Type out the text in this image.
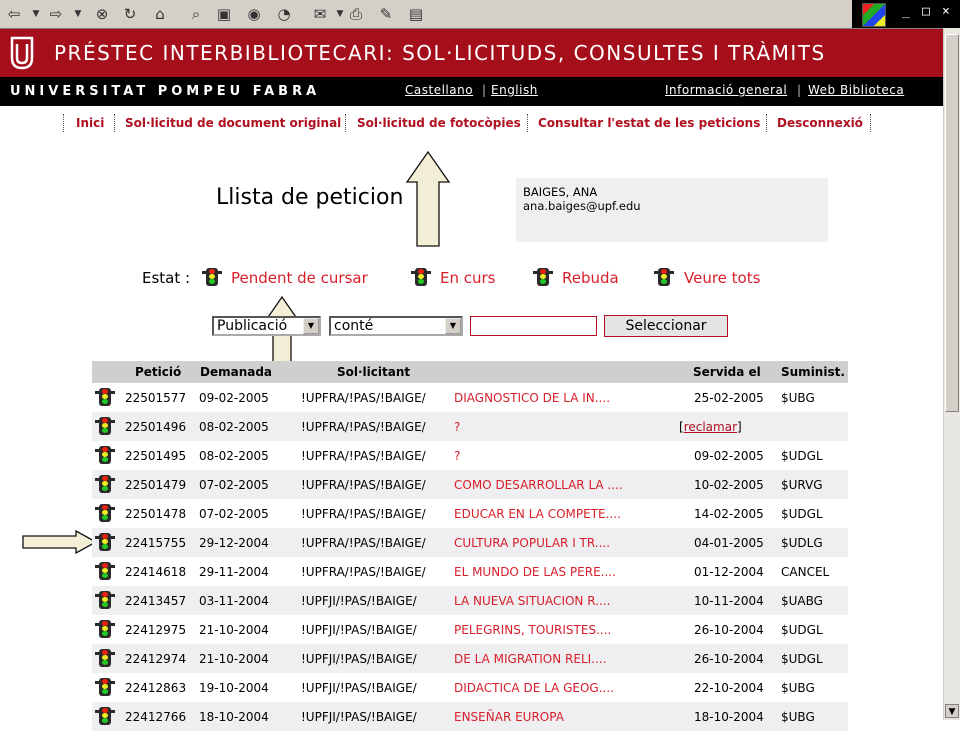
⇦	▼ ⇨	▼ ⊗ ↻	⌂	⌕	▣ ◉ ◔ ✉	▼ ⎙ ✎ ▤	_ □ ×
▼
PRÉSTEC INTERBIBLIOTECARI: SOL·LICITUDS, CONSULTES I TRÀMITS
UNIVERSITAT POMPEU FABRA	Castellano | English	Informació general | Web Biblioteca
Inici Sol·licitud de document original Sol·licitud de fotocòpies Consultar l'estat de les peticions Desconnexió
Llista de peticion	BAIGES, ANA
ana.baiges@upf.edu
Estat :	Pendent de cursar	En curs	Rebuda	Veure tots
Publicació	▼	conté	▼	Seleccionar
Petició Demanada	Sol·licitant	Servida el Suminist.
22501577 09-02-2005	!UPFRA/!PAS/!BAIGE/ DIAGNOSTICO DE LA IN....	25-02-2005 $UBG
22501496 08-02-2005	!UPFRA/!PAS/!BAIGE/ ?	[reclamar]
22501495 08-02-2005	!UPFRA/!PAS/!BAIGE/ ?	09-02-2005 $UDGL
22501479 07-02-2005	!UPFRA/!PAS/!BAIGE/ COMO DESARROLLAR LA ....	10-02-2005 $URVG
22501478 07-02-2005	!UPFRA/!PAS/!BAIGE/ EDUCAR EN LA COMPETE....	14-02-2005 $UDGL
22415755 29-12-2004	!UPFRA/!PAS/!BAIGE/ CULTURA POPULAR I TR....	04-01-2005 $UDLG
22414618 29-11-2004	!UPFRA/!PAS/!BAIGE/ EL MUNDO DE LAS PERE....	01-12-2004 CANCEL
22413457 03-11-2004	!UPFJI/!PAS/!BAIGE/	LA NUEVA SITUACION R....	10-11-2004 $UABG
22412975 21-10-2004	!UPFJI/!PAS/!BAIGE/	PELEGRINS, TOURISTES....	26-10-2004 $UDGL
22412974 21-10-2004	!UPFJI/!PAS/!BAIGE/	DE LA MIGRATION RELI....	26-10-2004 $UDGL
22412863 19-10-2004	!UPFJI/!PAS/!BAIGE/	DIDACTICA DE LA GEOG....	22-10-2004 $UBG
22412766 18-10-2004	!UPFJI/!PAS/!BAIGE/	ENSEÑAR EUROPA	18-10-2004 $UBG
